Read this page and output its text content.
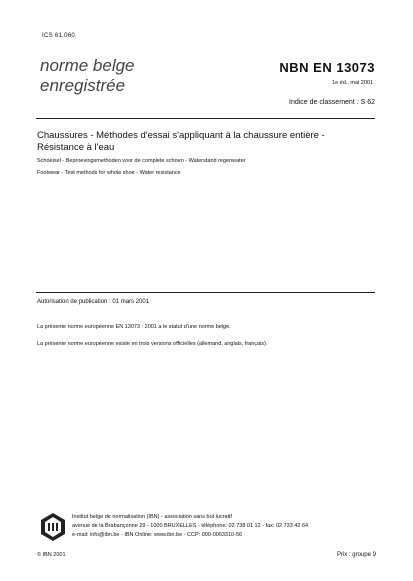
ICS 61.060
norme belge
enregistrée
NBN EN 13073
1e éd., mai 2001
Indice de classement : S 62
Chaussures - Méthodes d'essai s'appliquant à la chaussure entière -
Résistance à l'eau
Schoeisel - Beproevingsmethoden voor de complete schoen - Waterstand regenwater
Footwear - Test methods for whole shoe - Water resistance
Autorisation de publication : 01 mars 2001
La présente norme européenne EN 13073 : 2001 a le statut d'une norme belge.
La présente norme européenne existe en trois versions officielles (allemand, anglais, français).
Institut belge de normalisation (IBN) - association sans but lucratif
avenue de la Brabançonne 29 - 1000 BRUXELLES - téléphone: 02 738 01 12 - fax: 02 733 42 64
e-mail: info@ibn.be - IBN Online: www.ibn.be - CCP: 000-0063310-56
© IBN 2001	Prix : groupe 9
